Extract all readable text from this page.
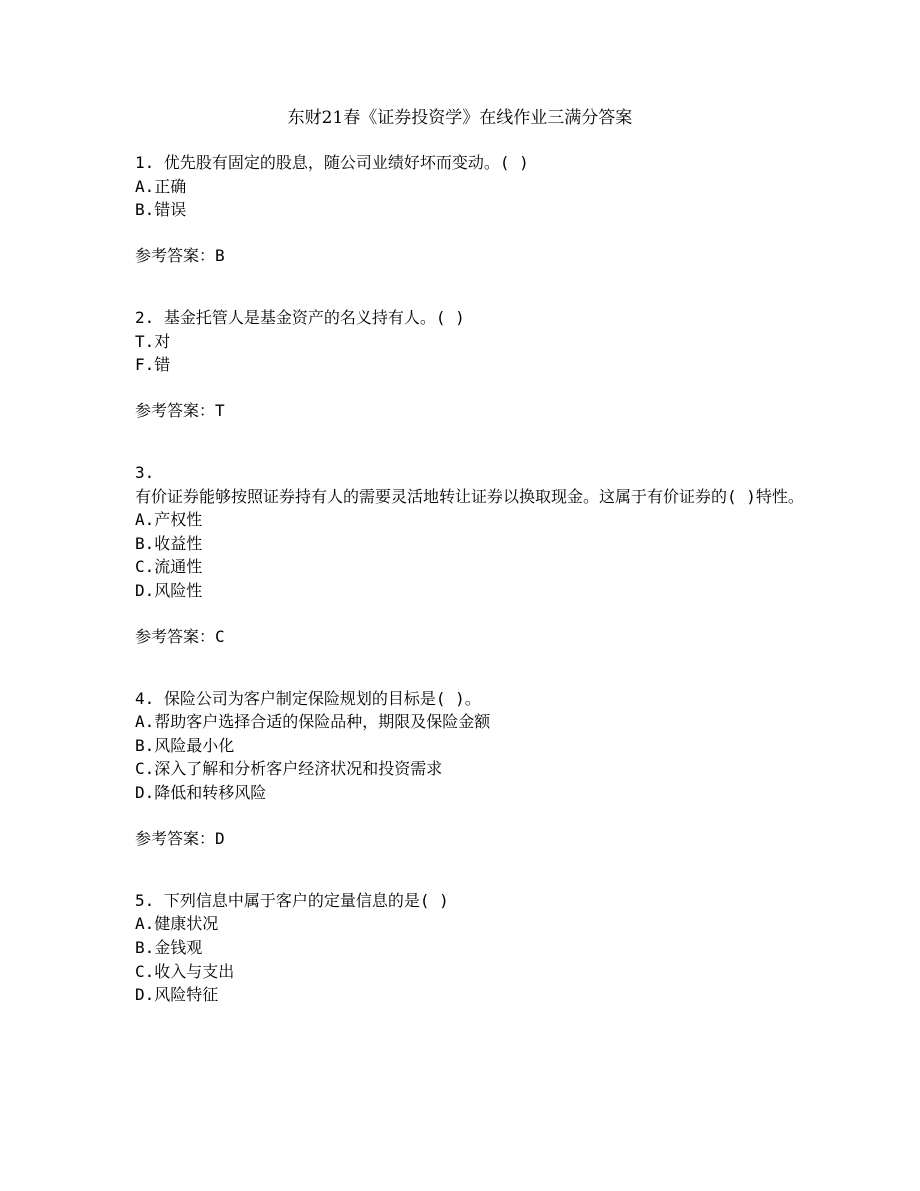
东财21春《证券投资学》在线作业三满分答案
1. 优先股有固定的股息，随公司业绩好坏而变动。( )
A.正确
B.错误
参考答案：B
2. 基金托管人是基金资产的名义持有人。( )
T.对
F.错
参考答案：T
3.
有价证券能够按照证券持有人的需要灵活地转让证券以换取现金。这属于有价证券的( )特性。
A.产权性
B.收益性
C.流通性
D.风险性
参考答案：C
4. 保险公司为客户制定保险规划的目标是( )。
A.帮助客户选择合适的保险品种，期限及保险金额
B.风险最小化
C.深入了解和分析客户经济状况和投资需求
D.降低和转移风险
参考答案：D
5. 下列信息中属于客户的定量信息的是( )
A.健康状况
B.金钱观
C.收入与支出
D.风险特征
